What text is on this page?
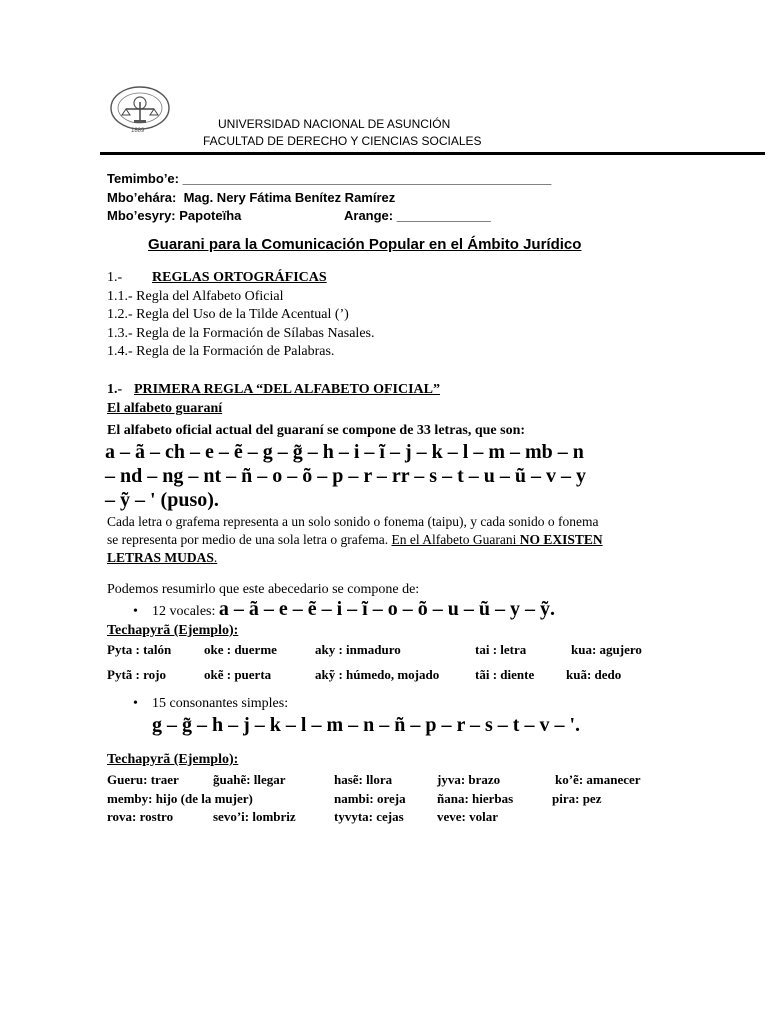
1889	UNIVERSIDAD NACIONAL DE ASUNCIÓN
FACULTAD DE DERECHO Y CIENCIAS SOCIALES
Temimbo’e: ___________________________________________________
Mbo’ehára: Mag. Nery Fátima Benítez Ramírez
Mbo’esyry: Papoteïha	Arange: _____________
Guarani para la Comunicación Popular en el Ámbito Jurídico
1.- REGLAS ORTOGRÁFICAS
1.1.- Regla del Alfabeto Oficial
1.2.- Regla del Uso de la Tilde Acentual (’)
1.3.- Regla de la Formación de Sílabas Nasales.
1.4.- Regla de la Formación de Palabras.
1.- PRIMERA REGLA “DEL ALFABETO OFICIAL”
El alfabeto guaraní
El alfabeto oficial actual del guaraní se compone de 33 letras, que son:
a – ã – ch – e – ẽ – g – g̃ – h – i – ĩ – j – k – l – m – mb – n
– nd – ng – nt – ñ – o – õ – p – r – rr – s – t – u – ũ – v – y
– ỹ – ' (puso).
Cada letra o grafema representa a un solo sonido o fonema (taipu), y cada sonido o fonema
se representa por medio de una sola letra o grafema. En el Alfabeto Guarani NO EXISTEN
LETRAS MUDAS.
Podemos resumirlo que este abecedario se compone de:
• 12 vocales: a – ã – e – ẽ – i – ĩ – o – õ – u – ũ – y – ỹ.
Techapyrã (Ejemplo):
Pyta : talón	oke : duerme	aky : inmaduro	tai : letra	kua: agujero
Pytã : rojo	okẽ : puerta	akỹ : húmedo, mojado	tãi : diente kuã: dedo
• 15 consonantes simples:
g – g̃ – h – j – k – l – m – n – ñ – p – r – s – t – v – '.
Techapyrã (Ejemplo):
Gueru: traer	g̃uahẽ: llegar	hasẽ: llora	jyva: brazo	ko’ẽ: amanecer
memby: hijo (de la mujer)	nambi: oreja ñana: hierbas	pira: pez
rova: rostro	sevo’i: lombriz	tyvyta: cejas	veve: volar
